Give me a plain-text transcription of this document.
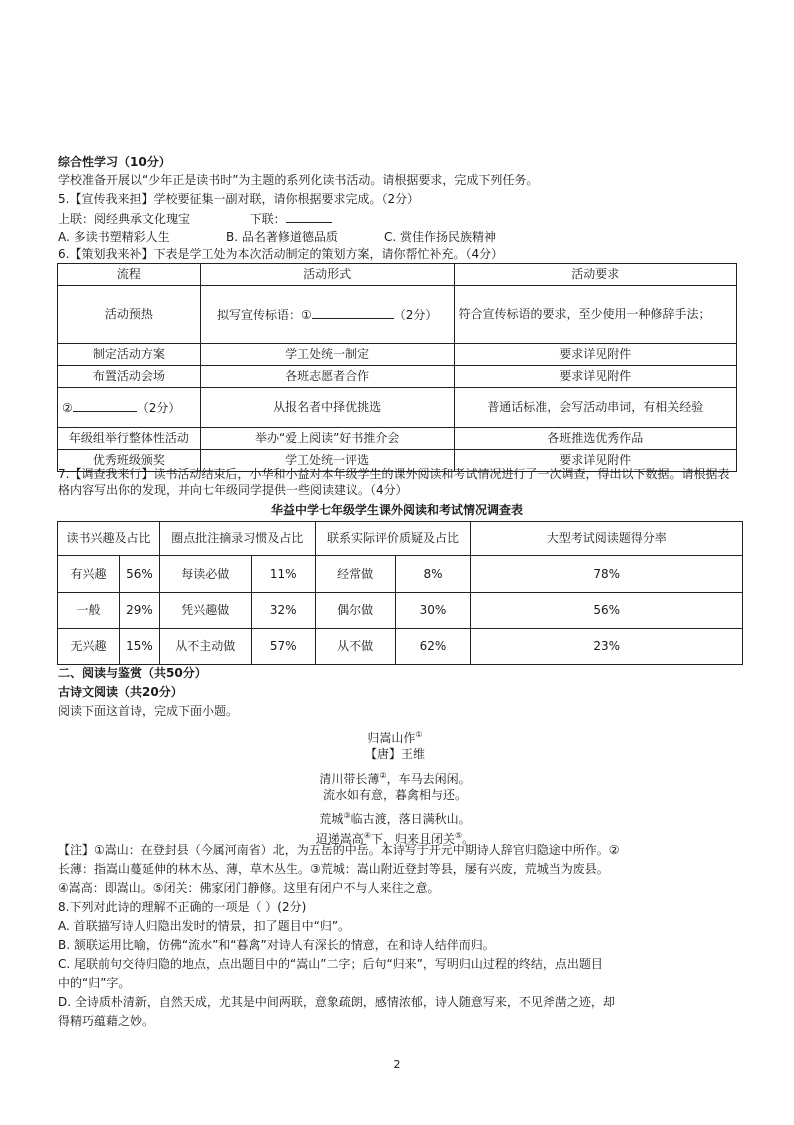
综合性学习（10分）
学校准备开展以“少年正是读书时”为主题的系列化读书活动。请根据要求，完成下列任务。
5.【宣传我来担】学校要征集一副对联，请你根据要求完成。（2分）
上联：阅经典承文化瑰宝	下联：
A. 多读书塑精彩人生	B. 品名著修道德品质	C. 赏佳作扬民族精神
6.【策划我来补】下表是学工处为本次活动制定的策划方案，请你帮忙补充。（4分）
流程	活动形式	活动要求
活动预热	拟写宣传标语：① （2分）	符合宣传标语的要求，至少使用一种修辞手法；
制定活动方案	学工处统一制定	要求详见附件
布置活动会场	各班志愿者合作	要求详见附件
② （2分）	从报名者中择优挑选	普通话标准，会写活动串词，有相关经验
年级组举行整体性活动	举办“爱上阅读”好书推介会	各班推选优秀作品
优秀班级颁奖	学工处统一评选	要求详见附件
7.【调查我来行】读书活动结束后，小华和小益对本年级学生的课外阅读和考试情况进行了一次调查，得出以下数据。请根据表格内容写出你的发现，并向七年级同学提供一些阅读建议。（4分）
华益中学七年级学生课外阅读和考试情况调查表
读书兴趣及占比		圈点批注摘录习惯及占比		联系实际评价质疑及占比		大型考试阅读题得分率
有兴趣	56%	每读必做	11%	经常做	8%	78%
一般	29%	凭兴趣做	32%	偶尔做	30%	56%
无兴趣	15%	从不主动做	57%	从不做	62%	23%
二、阅读与鉴赏（共50分）
古诗文阅读（共20分）
阅读下面这首诗，完成下面小题。
归嵩山作①
【唐】王维
清川带长薄②，车马去闲闲。
流水如有意，暮禽相与还。
荒城③临古渡，落日满秋山。
迢递嵩高④下，归来且闭关⑤。
【注】①嵩山：在登封县（今属河南省）北，为五岳的中岳。本诗写于开元中期诗人辞官归隐途中所作。②
长薄：指嵩山蔓延伸的林木丛、薄，草木丛生。③荒城：嵩山附近登封等县，屡有兴废，荒城当为废县。
④嵩高：即嵩山。⑤闭关：佛家闭门静修。这里有闭户不与人来往之意。
8.下列对此诗的理解不正确的一项是（ ）(2分)
A. 首联描写诗人归隐出发时的情景，扣了题目中“归”。
B. 颔联运用比喻，仿佛“流水”和“暮禽”对诗人有深长的情意，在和诗人结伴而归。
C. 尾联前句交待归隐的地点，点出题目中的“嵩山”二字；后句“归来”，写明归山过程的终结，点出题目
中的“归”字。
D. 全诗质朴清新，自然天成，尤其是中间两联，意象疏朗，感情浓郁，诗人随意写来，不见斧凿之迹，却
得精巧蕴藉之妙。
2
